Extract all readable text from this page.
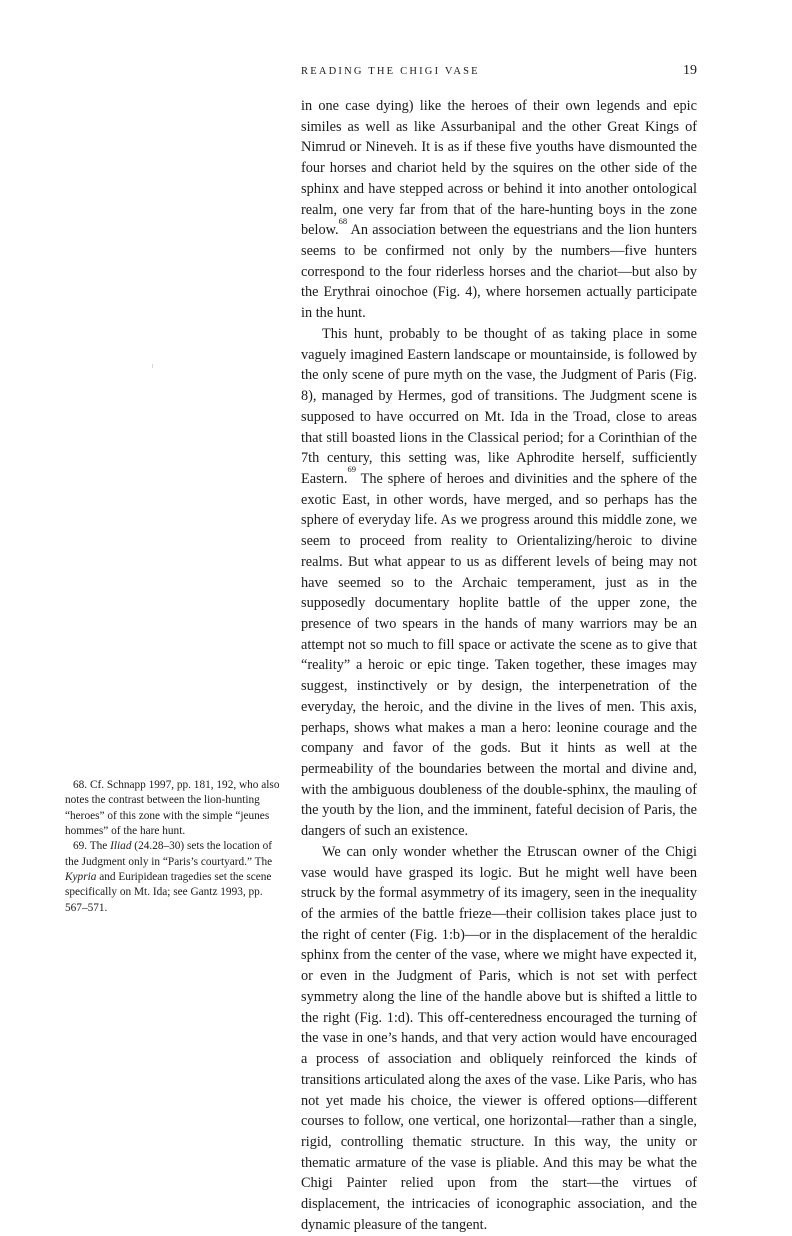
READING THE CHIGI VASE	19

in one case dying) like the heroes of their own legends and epic similes as well as like Assurbanipal and the other Great Kings of Nimrud or Nineveh. It is as if these five youths have dismounted the four horses and chariot held by the squires on the other side of the sphinx and have stepped across or behind it into another ontological realm, one very far from that of the hare-hunting boys in the zone below.$^{68}$ An association between the equestrians and the lion hunters seems to be confirmed not only by the numbers—five hunters correspond to the four riderless horses and the chariot—but also by the Erythrai oinochoe (Fig. 4), where horsemen actually participate in the hunt.

This hunt, probably to be thought of as taking place in some vaguely imagined Eastern landscape or mountainside, is followed by the only scene of pure myth on the vase, the Judgment of Paris (Fig. 8), managed by Hermes, god of transitions. The Judgment scene is supposed to have occurred on Mt. Ida in the Troad, close to areas that still boasted lions in the Classical period; for a Corinthian of the 7th century, this setting was, like Aphrodite herself, sufficiently Eastern.$^{69}$ The sphere of heroes and divinities and the sphere of the exotic East, in other words, have merged, and so perhaps has the sphere of everyday life. As we progress around this middle zone, we seem to proceed from reality to Orientalizing/heroic to divine realms. But what appear to us as different levels of being may not have seemed so to the Archaic temperament, just as in the supposedly documentary hoplite battle of the upper zone, the presence of two spears in the hands of many warriors may be an attempt not so much to fill space or activate the scene as to give that “reality” a heroic or epic tinge. Taken together, these images may suggest, instinctively or by design, the interpenetration of the everyday, the heroic, and the divine in the lives of men. This axis, perhaps, shows what makes a man a hero: leonine courage and the company and favor of the gods. But it hints as well at the permeability of the boundaries between the mortal and divine and, with the ambiguous doubleness of the double-sphinx, the mauling of the youth by the lion, and the imminent, fateful decision of Paris, the dangers of such an existence.

We can only wonder whether the Etruscan owner of the Chigi vase would have grasped its logic. But he might well have been struck by the formal asymmetry of its imagery, seen in the inequality of the armies of the battle frieze—their collision takes place just to the right of center (Fig. 1:b)—or in the displacement of the heraldic sphinx from the center of the vase, where we might have expected it, or even in the Judgment of Paris, which is not set with perfect symmetry along the line of the handle above but is shifted a little to the right (Fig. 1:d). This off-centeredness encouraged the turning of the vase in one’s hands, and that very action would have encouraged a process of association and obliquely reinforced the kinds of transitions articulated along the axes of the vase. Like Paris, who has not yet made his choice, the viewer is offered options—different courses to follow, one vertical, one horizontal—rather than a single, rigid, controlling thematic structure. In this way, the unity or thematic armature of the vase is pliable. And this may be what the Chigi Painter relied upon from the start—the virtues of displacement, the intricacies of iconographic association, and the dynamic pleasure of the tangent.

68. Cf. Schnapp 1997, pp. 181, 192, who also notes the contrast between the lion-hunting “heroes” of this zone with the simple “jeunes hommes” of the hare hunt.

69. The Iliad (24.28–30) sets the location of the Judgment only in “Paris’s courtyard.” The Kypria and Euripidean tragedies set the scene specifically on Mt. Ida; see Gantz 1993, pp. 567–571.
